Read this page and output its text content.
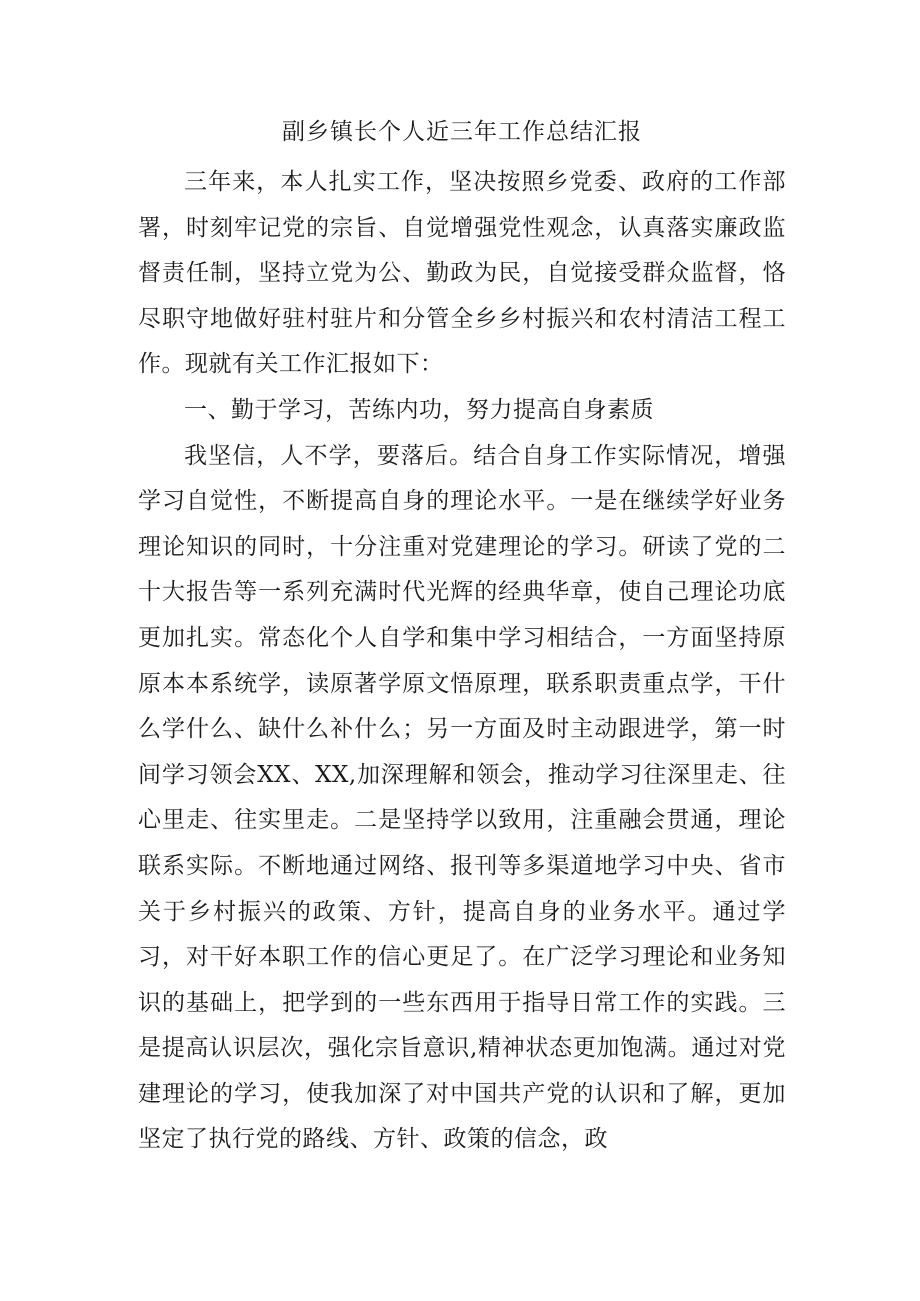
副乡镇长个人近三年工作总结汇报

三年来，本人扎实工作，坚决按照乡党委、政府的工作部署，时刻牢记党的宗旨、自觉增强党性观念，认真落实廉政监督责任制，坚持立党为公、勤政为民，自觉接受群众监督，恪尽职守地做好驻村驻片和分管全乡乡村振兴和农村清洁工程工作。现就有关工作汇报如下：

一、勤于学习，苦练内功，努力提高自身素质

我坚信，人不学，要落后。结合自身工作实际情况，增强学习自觉性，不断提高自身的理论水平。一是在继续学好业务理论知识的同时，十分注重对党建理论的学习。研读了党的二十大报告等一系列充满时代光辉的经典华章，使自己理论功底更加扎实。常态化个人自学和集中学习相结合，一方面坚持原原本本系统学，读原著学原文悟原理，联系职责重点学，干什么学什么、缺什么补什么；另一方面及时主动跟进学，第一时间学习领会XX、XX,加深理解和领会，推动学习往深里走、往心里走、往实里走。二是坚持学以致用，注重融会贯通，理论联系实际。不断地通过网络、报刊等多渠道地学习中央、省市关于乡村振兴的政策、方针，提高自身的业务水平。通过学习，对干好本职工作的信心更足了。在广泛学习理论和业务知识的基础上，把学到的一些东西用于指导日常工作的实践。三是提高认识层次，强化宗旨意识,精神状态更加饱满。通过对党建理论的学习，使我加深了对中国共产党的认识和了解，更加坚定了执行党的路线、方针、政策的信念，政
